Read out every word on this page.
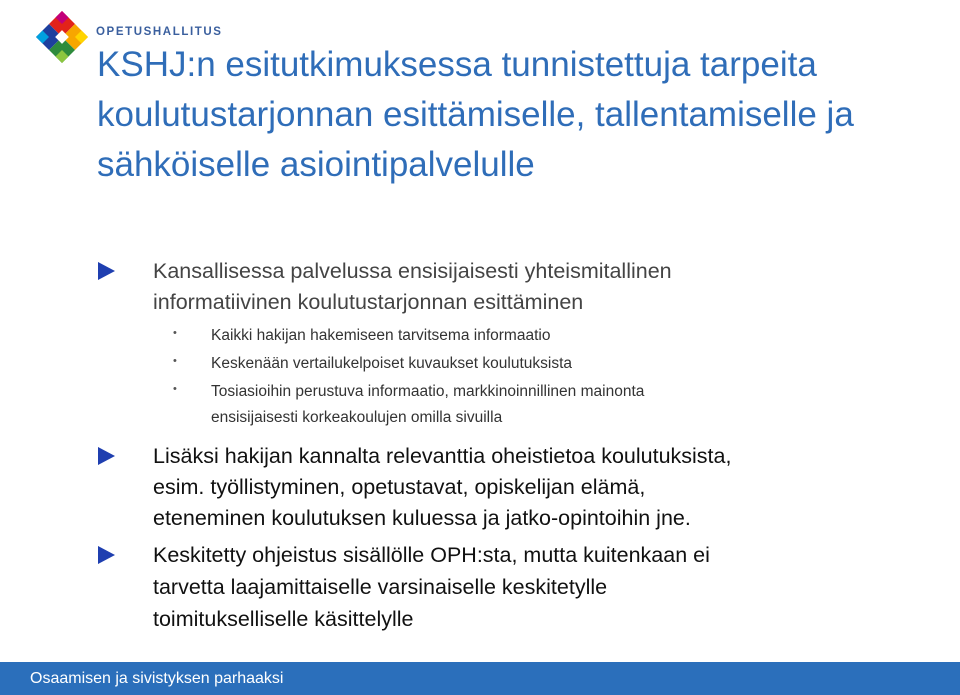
OPETUSHALLITUS
KSHJ:n esitutkimuksessa tunnistettuja tarpeita koulutustarjonnan esittämiselle, tallentamiselle ja sähköiselle asiointipalvelulle
Kansallisessa palvelussa ensisijaisesti yhteismitallinen
informatiivinen koulutustarjonnan esittäminen
• Kaikki hakijan hakemiseen tarvitsema informaatio
• Keskenään vertailukelpoiset kuvaukset koulutuksista
• Tosiasioihin perustuva informaatio, markkinoinnillinen mainonta
ensisijaisesti korkeakoulujen omilla sivuilla
Lisäksi hakijan kannalta relevanttia oheistietoa koulutuksista,
esim. työllistyminen, opetustavat, opiskelijan elämä,
eteneminen koulutuksen kuluessa ja jatko-opintoihin jne.
Keskitetty ohjeistus sisällölle OPH:sta, mutta kuitenkaan ei
tarvetta laajamittaiselle varsinaiselle keskitetylle
toimitukselliselle käsittelylle
Osaamisen ja sivistyksen parhaaksi
